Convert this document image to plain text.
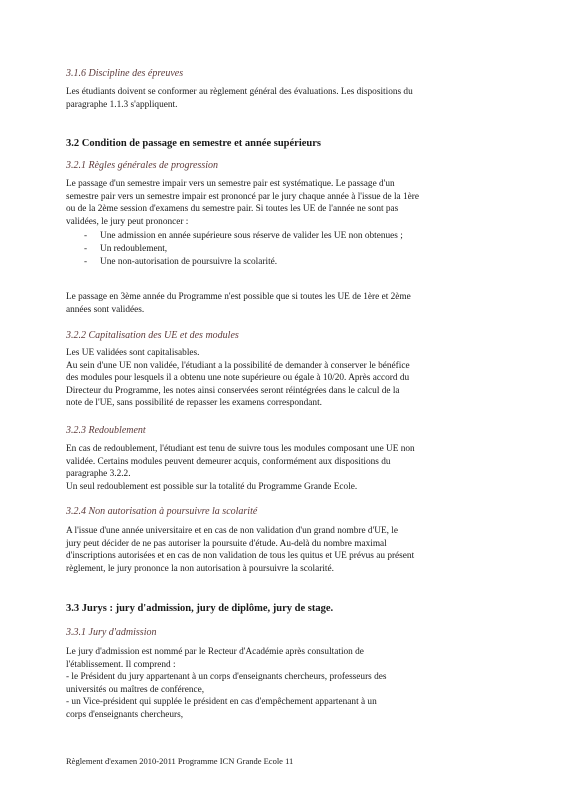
3.1.6 Discipline des épreuves
Les étudiants doivent se conformer au règlement général des évaluations. Les dispositions du
paragraphe 1.1.3 s'appliquent.
3.2 Condition de passage en semestre et année supérieurs
3.2.1 Règles générales de progression
Le passage d'un semestre impair vers un semestre pair est systématique. Le passage d'un
semestre pair vers un semestre impair est prononcé par le jury chaque année à l'issue de la 1ère
ou de la 2ème session d'examens du semestre pair. Si toutes les UE de l'année ne sont pas
validées, le jury peut prononcer :
- Une admission en année supérieure sous réserve de valider les UE non obtenues ;
- Un redoublement,
- Une non-autorisation de poursuivre la scolarité.
Le passage en 3ème année du Programme n'est possible que si toutes les UE de 1ère et 2ème
années sont validées.
3.2.2 Capitalisation des UE et des modules
Les UE validées sont capitalisables.
Au sein d'une UE non validée, l'étudiant a la possibilité de demander à conserver le bénéfice
des modules pour lesquels il a obtenu une note supérieure ou égale à 10/20. Après accord du
Directeur du Programme, les notes ainsi conservées seront réintégrées dans le calcul de la
note de l'UE, sans possibilité de repasser les examens correspondant.
3.2.3 Redoublement
En cas de redoublement, l'étudiant est tenu de suivre tous les modules composant une UE non
validée. Certains modules peuvent demeurer acquis, conformément aux dispositions du
paragraphe 3.2.2.
Un seul redoublement est possible sur la totalité du Programme Grande Ecole.
3.2.4 Non autorisation à poursuivre la scolarité
A l'issue d'une année universitaire et en cas de non validation d'un grand nombre d'UE, le
jury peut décider de ne pas autoriser la poursuite d'étude. Au-delà du nombre maximal
d'inscriptions autorisées et en cas de non validation de tous les quitus et UE prévus au présent
règlement, le jury prononce la non autorisation à poursuivre la scolarité.
3.3 Jurys : jury d'admission, jury de diplôme, jury de stage.
3.3.1 Jury d'admission
Le jury d'admission est nommé par le Recteur d'Académie après consultation de
l'établissement. Il comprend :
- le Président du jury appartenant à un corps d'enseignants chercheurs, professeurs des
universités ou maîtres de conférence,
- un Vice-président qui supplée le président en cas d'empêchement appartenant à un
corps d'enseignants chercheurs,
Règlement d'examen 2010-2011 Programme ICN Grande Ecole 11
